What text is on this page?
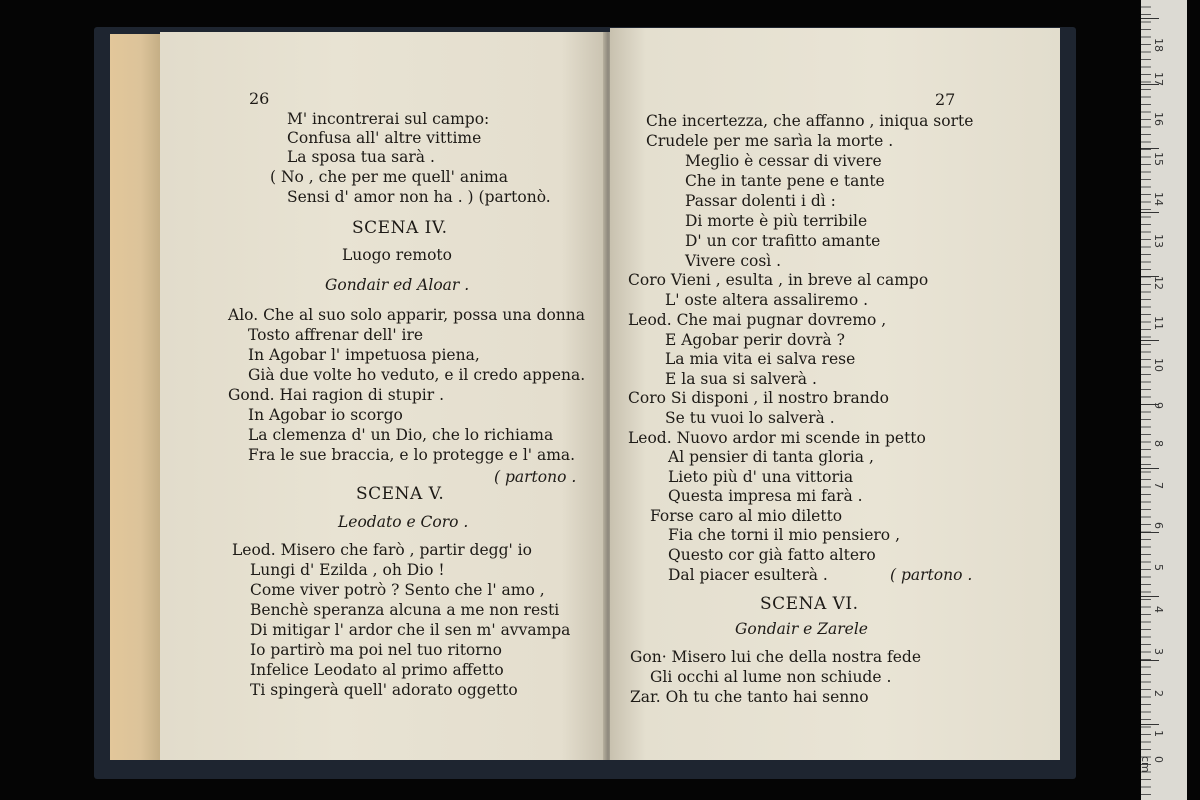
26
M' incontrerai sul campo:
Confusa all' altre vittime
La sposa tua sarà .
( No , che per me quell' anima
Sensi d' amor non ha . ) (partonò.
SCENA IV.
Luogo remoto
Gondair ed Aloar .
Alo. Che al suo solo apparir, possa una donna
Tosto affrenar dell' ire
In Agobar l' impetuosa piena,
Già due volte ho veduto, e il credo appena.
Gond. Hai ragion di stupir .
In Agobar io scorgo
La clemenza d' un Dio, che lo richiama
Fra le sue braccia, e lo protegge e l' ama.
( partono .
SCENA V.
Leodato e Coro .
Leod. Misero che farò , partir degg' io
Lungi d' Ezilda , oh Dio !
Come viver potrò ? Sento che l' amo ,
Benchè speranza alcuna a me non resti
Di mitigar l' ardor che il sen m' avvampa
Io partirò ma poi nel tuo ritorno
Infelice Leodato al primo affetto
Ti spingerà quell' adorato oggetto
27
Che incertezza, che affanno , iniqua sorte
Crudele per me sarìa la morte .
Meglio è cessar di vivere
Che in tante pene e tante
Passar dolenti i dì :
Di morte è più terribile
D' un cor trafitto amante
Vivere così .
Coro Vieni , esulta , in breve al campo
L' oste altera assaliremo .
Leod. Che mai pugnar dovremo ,
E Agobar perir dovrà ?
La mia vita ei salva rese
E la sua si salverà .
Coro Si disponi , il nostro brando
Se tu vuoi lo salverà .
Leod. Nuovo ardor mi scende in petto
Al pensier di tanta gloria ,
Lieto più d' una vittoria
Questa impresa mi farà .
Forse caro al mio diletto
Fia che torni il mio pensiero ,
Questo cor già fatto altero
Dal piacer esulterà .	( partono .
SCENA VI.
Gondair e Zarele
Gon· Misero lui che della nostra fede
Gli occhi al lume non schiude .
Zar. Oh tu che tanto hai senno
18
17
16
15
14
13
12
11
10
9
8
7
6
5
4
3
2
1
0 cm
